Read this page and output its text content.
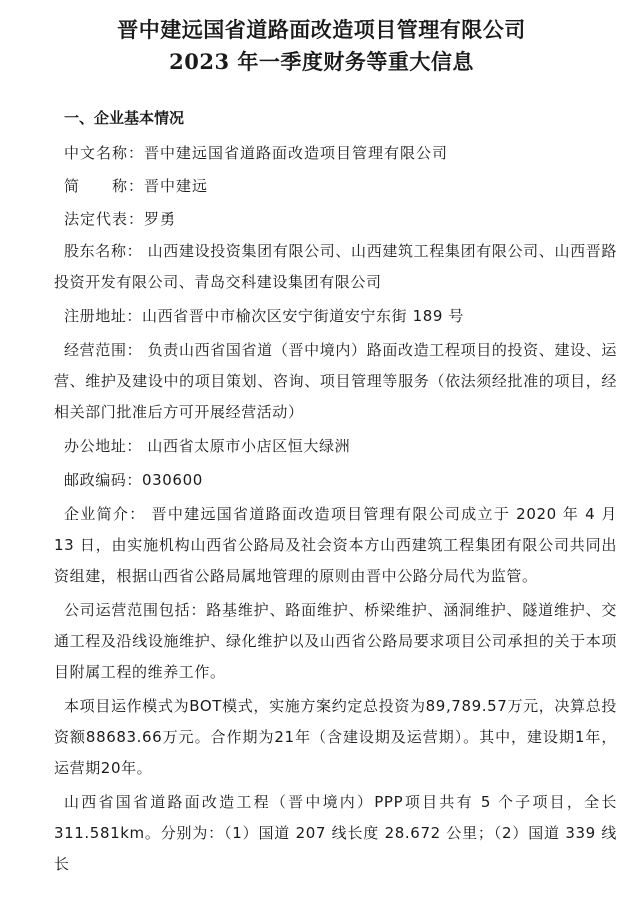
晋中建远国省道路面改造项目管理有限公司
2023 年一季度财务等重大信息
一、企业基本情况
中文名称：晋中建远国省道路面改造项目管理有限公司
简　　称：晋中建远
法定代表：罗勇
股东名称： 山西建设投资集团有限公司、山西建筑工程集团有限公司、山西晋路投资开发有限公司、青岛交科建设集团有限公司
注册地址：山西省晋中市榆次区安宁街道安宁东街 189 号
经营范围： 负责山西省国省道（晋中境内）路面改造工程项目的投资、建设、运营、维护及建设中的项目策划、咨询、项目管理等服务（依法须经批准的项目，经相关部门批准后方可开展经营活动）
办公地址： 山西省太原市小店区恒大绿洲
邮政编码：030600
企业简介： 晋中建远国省道路面改造项目管理有限公司成立于 2020 年 4 月 13 日，由实施机构山西省公路局及社会资本方山西建筑工程集团有限公司共同出资组建，根据山西省公路局属地管理的原则由晋中公路分局代为监管。
公司运营范围包括：路基维护、路面维护、桥梁维护、涵洞维护、隧道维护、交通工程及沿线设施维护、绿化维护以及山西省公路局要求项目公司承担的关于本项目附属工程的维养工作。
本项目运作模式为BOT模式，实施方案约定总投资为89,789.57万元，决算总投资额88683.66万元。合作期为21年（含建设期及运营期）。其中，建设期1年，运营期20年。
山西省国省道路面改造工程（晋中境内）PPP项目共有 5 个子项目，全长 311.581km。分别为：（1）国道 207 线长度 28.672 公里；（2）国道 339 线长
